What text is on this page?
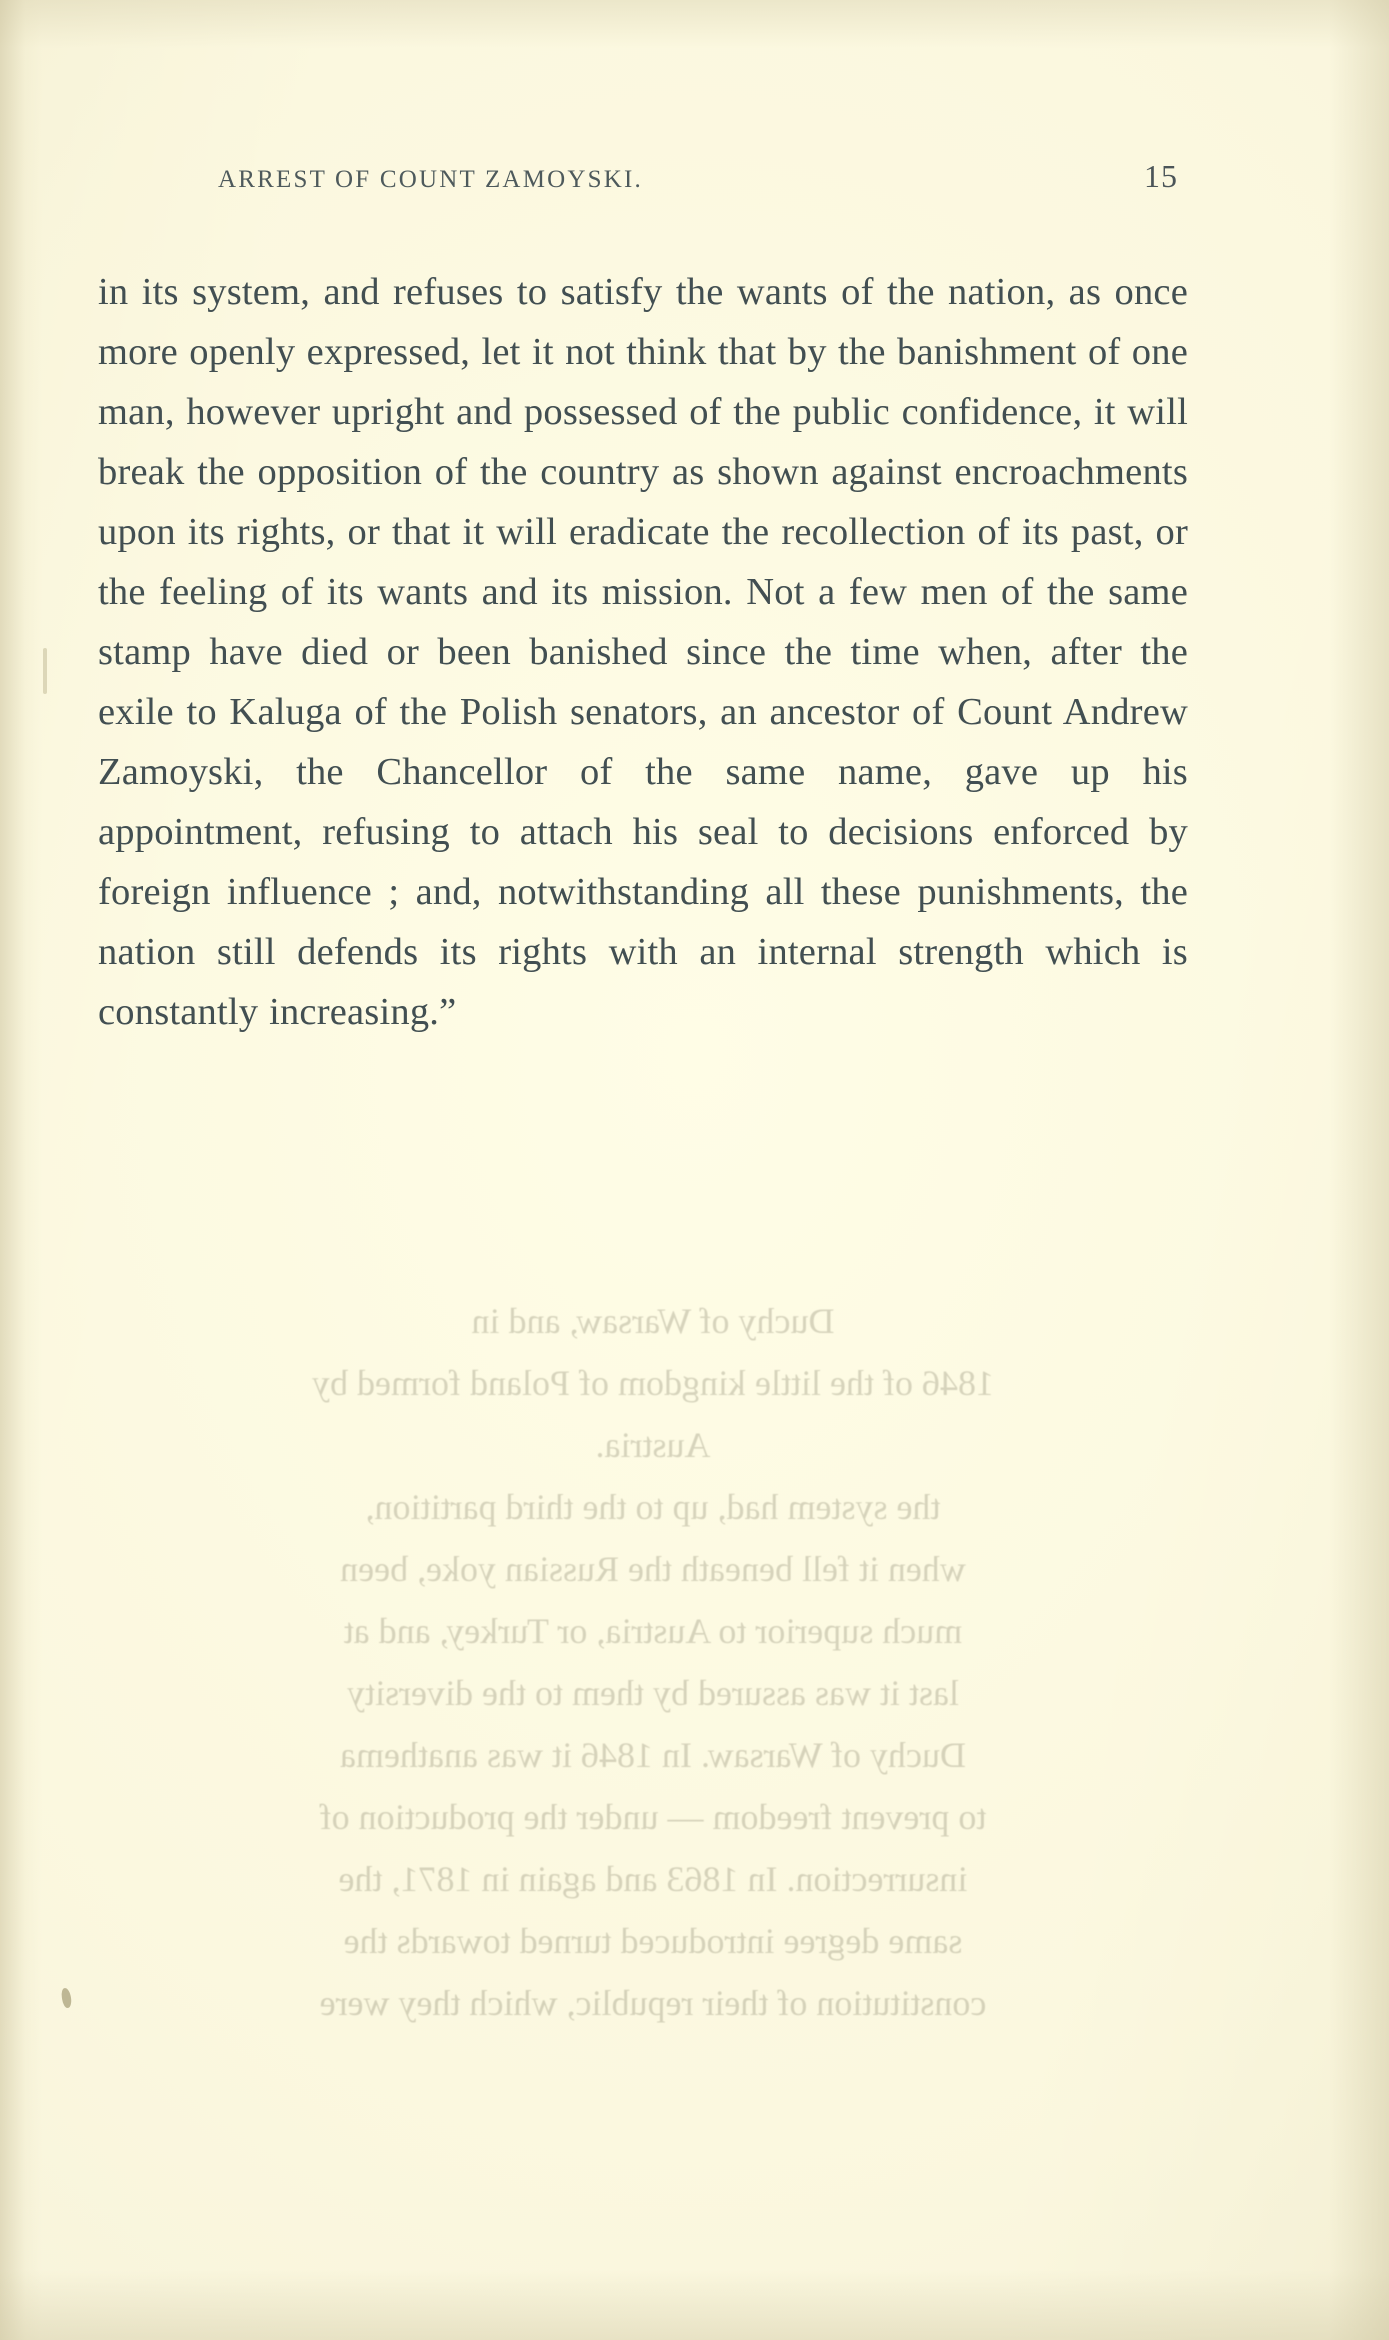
ARREST OF COUNT ZAMOYSKI.	15

in its system, and refuses to satisfy the wants of the nation, as once more openly expressed, let it not think that by the banishment of one man, however upright and possessed of the public confidence, it will break the opposition of the country as shown against encroachments upon its rights, or that it will eradicate the recollection of its past, or the feeling of its wants and its mission. Not a few men of the same stamp have died or been banished since the time when, after the exile to Kaluga of the Polish senators, an ancestor of Count Andrew Zamoyski, the Chancellor of the same name, gave up his appointment, refusing to attach his seal to decisions enforced by foreign influence ; and, notwithstanding all these punishments, the nation still defends its rights with an internal strength which is constantly increasing.”

Duchy of Warsaw, and in

1846 of the little kingdom of Poland formed by

Austria.

the system had, up to the third partition,

when it fell beneath the Russian yoke, been

much superior to Austria, or Turkey, and at

last it was assured by them to the diversity

Duchy of Warsaw. In 1846 it was anathema

to prevent freedom — under the production of

insurrection. In 1863 and again in 1871, the

same degree introduced turned towards the

constitution of their republic, which they were
